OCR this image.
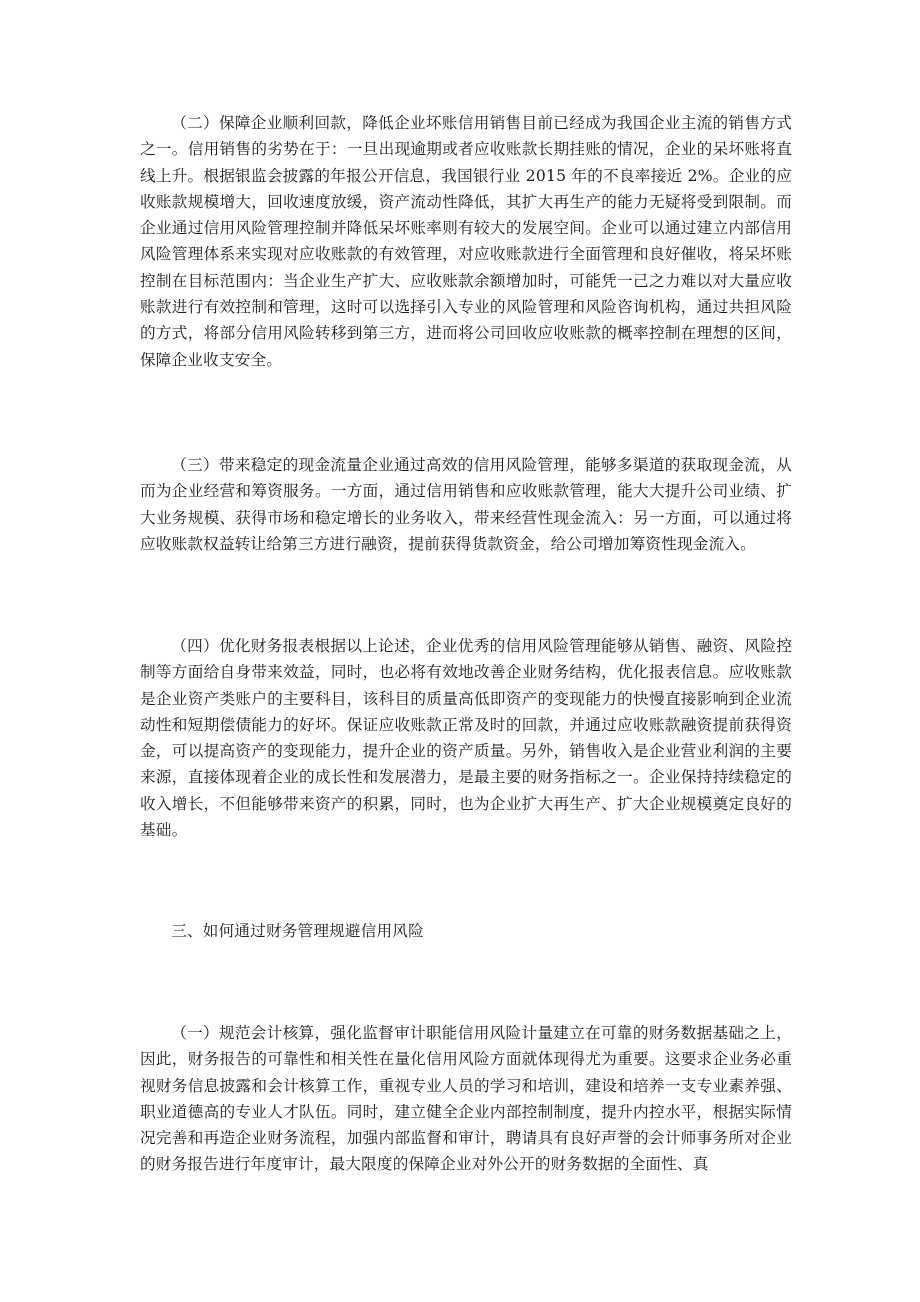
（二）保障企业顺利回款，降低企业坏账信用销售目前已经成为我国企业主流的销售方式之一。信用销售的劣势在于：一旦出现逾期或者应收账款长期挂账的情况，企业的呆坏账将直线上升。根据银监会披露的年报公开信息，我国银行业 2015 年的不良率接近 2%。企业的应收账款规模增大，回收速度放缓，资产流动性降低，其扩大再生产的能力无疑将受到限制。而企业通过信用风险管理控制并降低呆坏账率则有较大的发展空间。企业可以通过建立内部信用风险管理体系来实现对应收账款的有效管理，对应收账款进行全面管理和良好催收，将呆坏账控制在目标范围内：当企业生产扩大、应收账款余额增加时，可能凭一己之力难以对大量应收账款进行有效控制和管理，这时可以选择引入专业的风险管理和风险咨询机构，通过共担风险的方式，将部分信用风险转移到第三方，进而将公司回收应收账款的概率控制在理想的区间，保障企业收支安全。

（三）带来稳定的现金流量企业通过高效的信用风险管理，能够多渠道的获取现金流，从而为企业经营和筹资服务。一方面，通过信用销售和应收账款管理，能大大提升公司业绩、扩大业务规模、获得市场和稳定增长的业务收入，带来经营性现金流入：另一方面，可以通过将应收账款权益转让给第三方进行融资，提前获得货款资金，给公司增加筹资性现金流入。

（四）优化财务报表根据以上论述，企业优秀的信用风险管理能够从销售、融资、风险控制等方面给自身带来效益，同时，也必将有效地改善企业财务结构，优化报表信息。应收账款是企业资产类账户的主要科目，该科目的质量高低即资产的变现能力的快慢直接影响到企业流动性和短期偿债能力的好坏。保证应收账款正常及时的回款，并通过应收账款融资提前获得资金，可以提高资产的变现能力，提升企业的资产质量。另外，销售收入是企业营业利润的主要来源，直接体现着企业的成长性和发展潜力，是最主要的财务指标之一。企业保持持续稳定的收入增长，不但能够带来资产的积累，同时，也为企业扩大再生产、扩大企业规模奠定良好的基础。

三、如何通过财务管理规避信用风险

（一）规范会计核算，强化监督审计职能信用风险计量建立在可靠的财务数据基础之上，因此，财务报告的可靠性和相关性在量化信用风险方面就体现得尤为重要。这要求企业务必重视财务信息披露和会计核算工作，重视专业人员的学习和培训，建设和培养一支专业素养强、职业道德高的专业人才队伍。同时，建立健全企业内部控制制度，提升内控水平，根据实际情况完善和再造企业财务流程，加强内部监督和审计，聘请具有良好声誉的会计师事务所对企业的财务报告进行年度审计，最大限度的保障企业对外公开的财务数据的全面性、真
